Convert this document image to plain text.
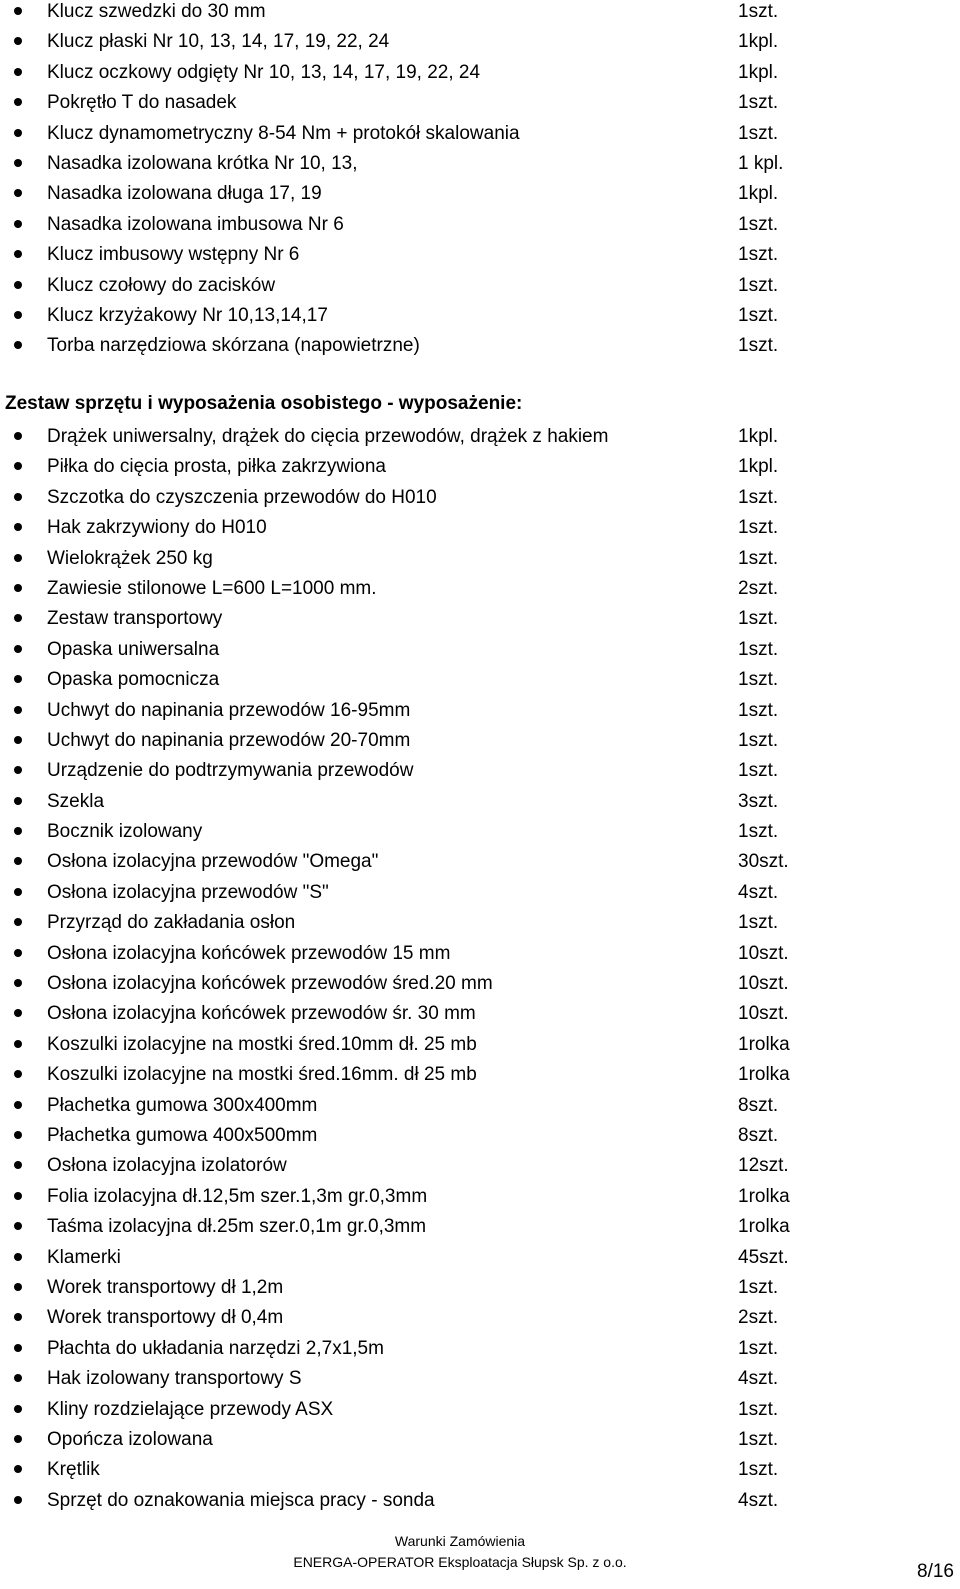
Klucz szwedzki do 30 mm	1szt.
Klucz płaski Nr 10, 13, 14, 17, 19, 22, 24	1kpl.
Klucz oczkowy odgięty Nr 10, 13, 14, 17, 19, 22, 24	1kpl.
Pokrętło T do nasadek	1szt.
Klucz dynamometryczny 8-54 Nm + protokół skalowania	1szt.
Nasadka izolowana krótka Nr 10, 13,	1 kpl.
Nasadka izolowana długa 17, 19	1kpl.
Nasadka izolowana imbusowa Nr 6	1szt.
Klucz imbusowy wstępny Nr 6	1szt.
Klucz czołowy do zacisków	1szt.
Klucz krzyżakowy Nr 10,13,14,17	1szt.
Torba narzędziowa skórzana (napowietrzne)	1szt.
Zestaw sprzętu i wyposażenia osobistego - wyposażenie:
Drążek uniwersalny, drążek do cięcia przewodów, drążek z hakiem	1kpl.
Piłka do cięcia prosta, piłka zakrzywiona	1kpl.
Szczotka do czyszczenia przewodów do H010	1szt.
Hak zakrzywiony do H010	1szt.
Wielokrążek 250 kg	1szt.
Zawiesie stilonowe L=600 L=1000 mm.	2szt.
Zestaw transportowy	1szt.
Opaska uniwersalna	1szt.
Opaska pomocnicza	1szt.
Uchwyt do napinania przewodów 16-95mm	1szt.
Uchwyt do napinania przewodów 20-70mm	1szt.
Urządzenie do podtrzymywania przewodów	1szt.
Szekla	3szt.
Bocznik izolowany	1szt.
Osłona izolacyjna przewodów "Omega"	30szt.
Osłona izolacyjna przewodów "S"	4szt.
Przyrząd do zakładania osłon	1szt.
Osłona izolacyjna końcówek przewodów 15 mm	10szt.
Osłona izolacyjna końcówek przewodów śred.20 mm	10szt.
Osłona izolacyjna końcówek przewodów śr. 30 mm	10szt.
Koszulki izolacyjne na mostki śred.10mm dł. 25 mb	1rolka
Koszulki izolacyjne na mostki śred.16mm. dł 25 mb	1rolka
Płachetka gumowa 300x400mm	8szt.
Płachetka gumowa 400x500mm	8szt.
Osłona izolacyjna izolatorów	12szt.
Folia izolacyjna dł.12,5m szer.1,3m gr.0,3mm	1rolka
Taśma izolacyjna dł.25m szer.0,1m gr.0,3mm	1rolka
Klamerki	45szt.
Worek transportowy dł 1,2m	1szt.
Worek transportowy dł 0,4m	2szt.
Płachta do układania narzędzi 2,7x1,5m	1szt.
Hak izolowany transportowy S	4szt.
Kliny rozdzielające przewody ASX	1szt.
Opończa izolowana	1szt.
Krętlik	1szt.
Sprzęt do oznakowania miejsca pracy - sonda	4szt.
Warunki Zamówienia
ENERGA-OPERATOR Eksploatacja Słupsk Sp. z o.o.	8/16
